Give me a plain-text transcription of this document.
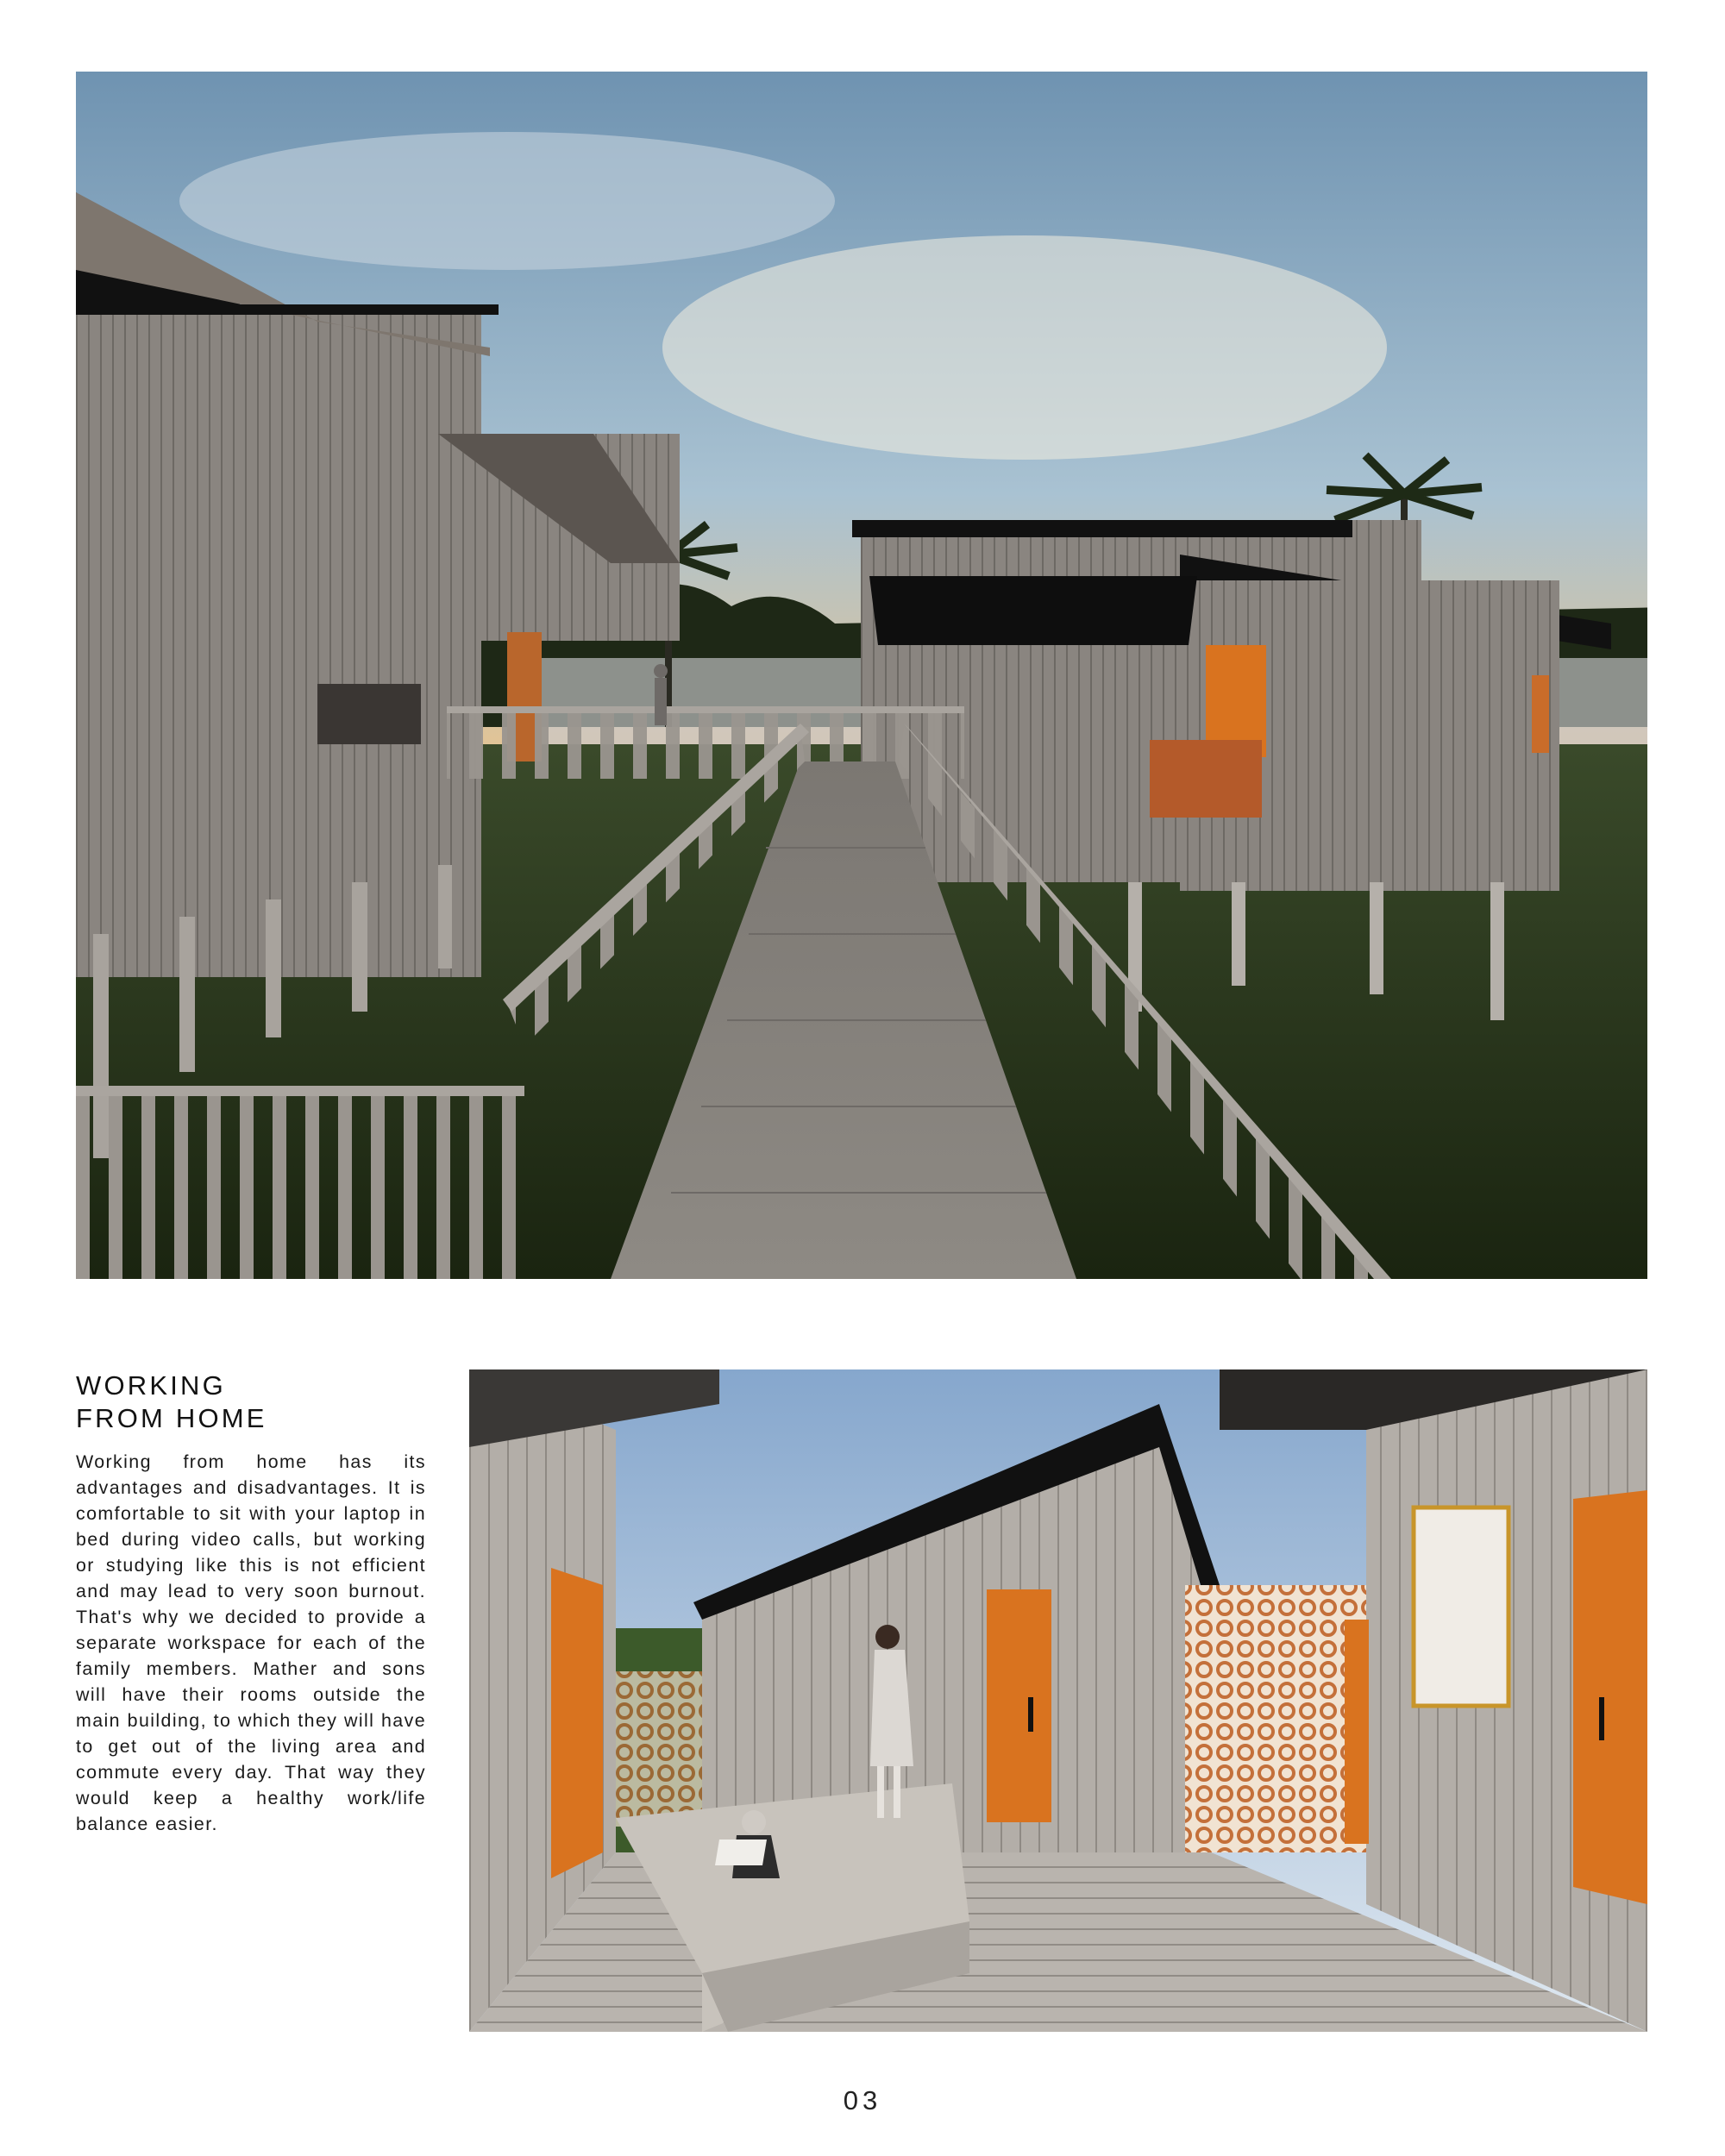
WORKING
FROM HOME

Working from home has its advantages and disadvantages. It is comfortable to sit with your laptop in bed during video calls, but working or studying like this is not efficient and may lead to very soon burnout. That's why we decided to provide a separate workspace for each of the family members. Mather and sons will have their rooms outside the main building, to which they will have to get out of the living area and commute every day. That way they would keep a healthy work/life balance easier.

03
